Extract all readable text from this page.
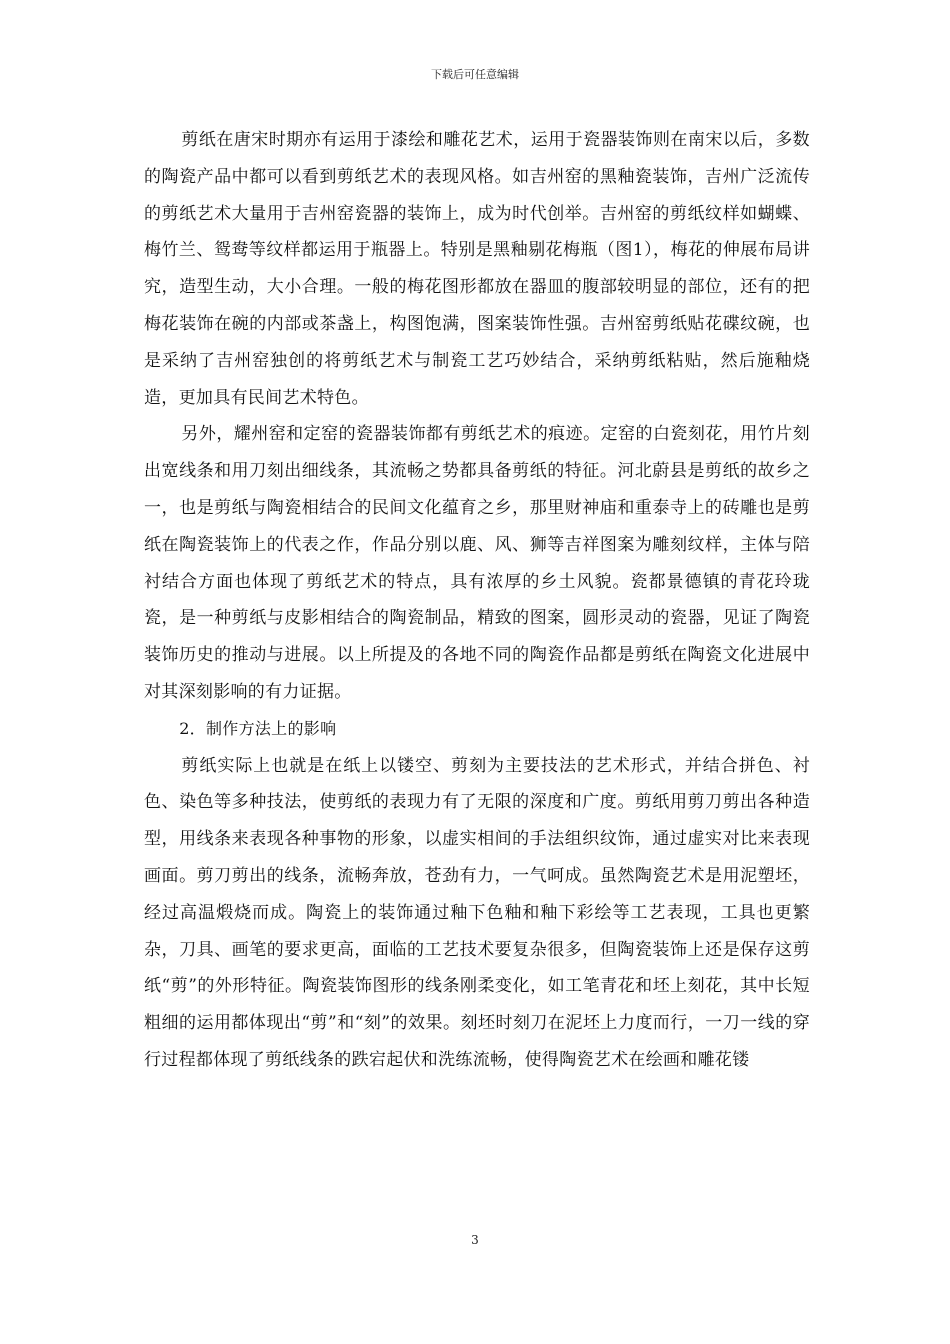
下载后可任意编辑

剪纸在唐宋时期亦有运用于漆绘和雕花艺术，运用于瓷器装饰则在南宋以后，多数的陶瓷产品中都可以看到剪纸艺术的表现风格。如吉州窑的黑釉瓷装饰，吉州广泛流传的剪纸艺术大量用于吉州窑瓷器的装饰上，成为时代创举。吉州窑的剪纸纹样如蝴蝶、梅竹兰、鸳鸯等纹样都运用于瓶器上。特别是黑釉剔花梅瓶（图1），梅花的伸展布局讲究，造型生动，大小合理。一般的梅花图形都放在器皿的腹部较明显的部位，还有的把梅花装饰在碗的内部或茶盏上，构图饱满，图案装饰性强。吉州窑剪纸贴花碟纹碗，也是采纳了吉州窑独创的将剪纸艺术与制瓷工艺巧妙结合，采纳剪纸粘贴，然后施釉烧造，更加具有民间艺术特色。

另外，耀州窑和定窑的瓷器装饰都有剪纸艺术的痕迹。定窑的白瓷刻花，用竹片刻出宽线条和用刀刻出细线条，其流畅之势都具备剪纸的特征。河北蔚县是剪纸的故乡之一，也是剪纸与陶瓷相结合的民间文化蕴育之乡，那里财神庙和重泰寺上的砖雕也是剪纸在陶瓷装饰上的代表之作，作品分别以鹿、风、狮等吉祥图案为雕刻纹样，主体与陪衬结合方面也体现了剪纸艺术的特点，具有浓厚的乡土风貌。瓷都景德镇的青花玲珑瓷，是一种剪纸与皮影相结合的陶瓷制品，精致的图案，圆形灵动的瓷器，见证了陶瓷装饰历史的推动与进展。以上所提及的各地不同的陶瓷作品都是剪纸在陶瓷文化进展中对其深刻影响的有力证据。

2．制作方法上的影响

剪纸实际上也就是在纸上以镂空、剪刻为主要技法的艺术形式，并结合拼色、衬色、染色等多种技法，使剪纸的表现力有了无限的深度和广度。剪纸用剪刀剪出各种造型，用线条来表现各种事物的形象，以虚实相间的手法组织纹饰，通过虚实对比来表现画面。剪刀剪出的线条，流畅奔放，苍劲有力，一气呵成。虽然陶瓷艺术是用泥塑坯，经过高温煅烧而成。陶瓷上的装饰通过釉下色釉和釉下彩绘等工艺表现，工具也更繁杂，刀具、画笔的要求更高，面临的工艺技术要复杂很多，但陶瓷装饰上还是保存这剪纸“剪”的外形特征。陶瓷装饰图形的线条刚柔变化，如工笔青花和坯上刻花，其中长短粗细的运用都体现出“剪”和“刻”的效果。刻坯时刻刀在泥坯上力度而行，一刀一线的穿行过程都体现了剪纸线条的跌宕起伏和洗练流畅，使得陶瓷艺术在绘画和雕花镂

3
